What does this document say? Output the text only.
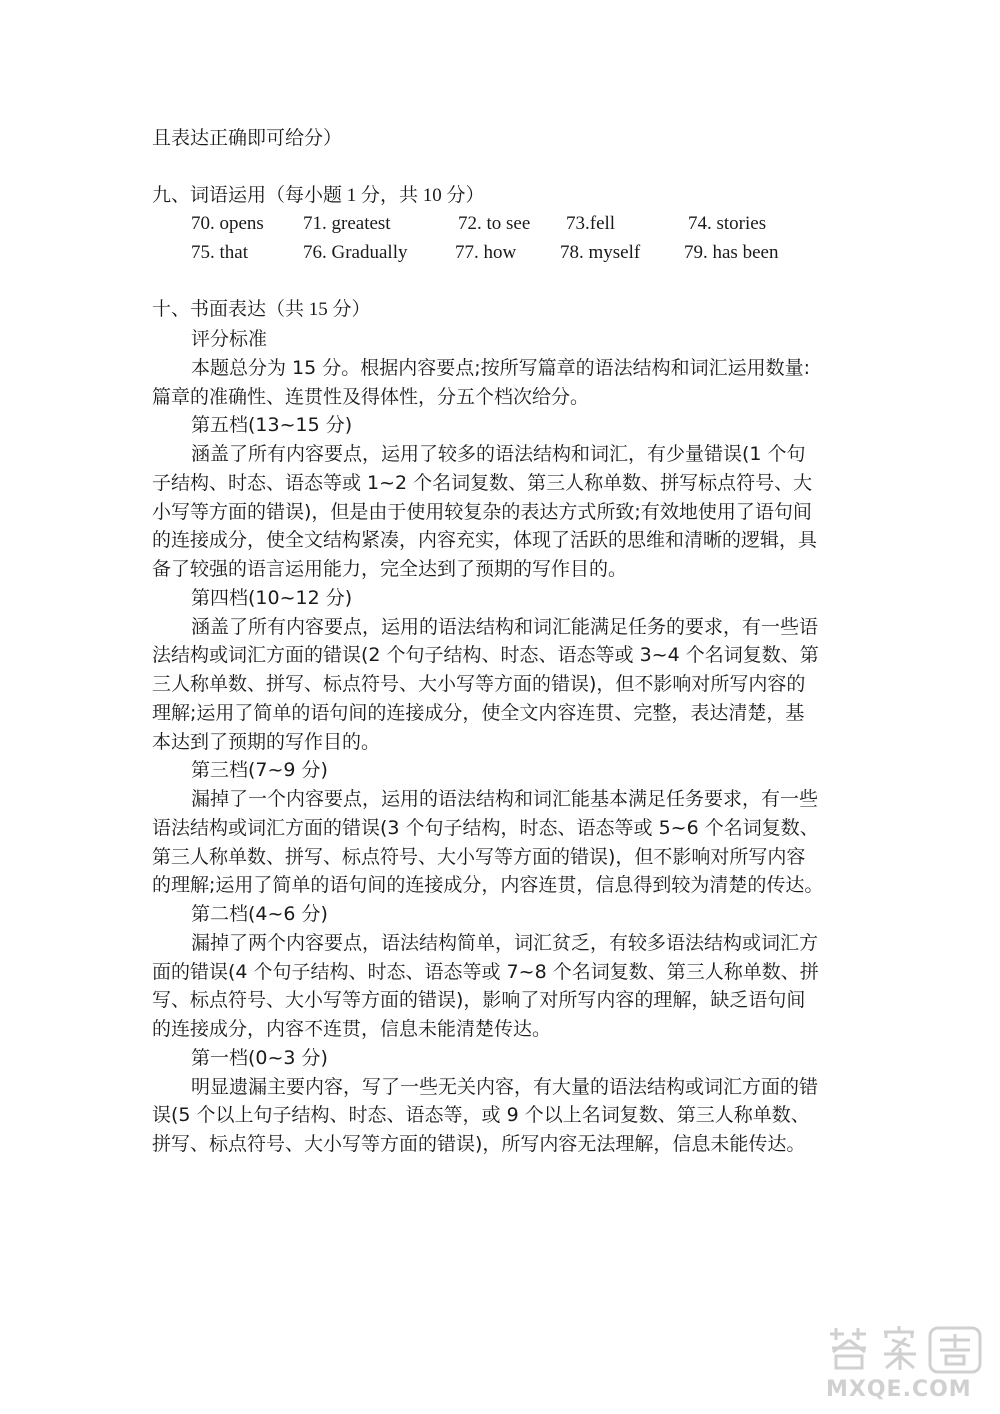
且表达正确即可给分）
九、词语运用（每小题 1 分，共 10 分）
70. opens 71. greatest	72. to see 73.fell	74. stories
75. that	76. Gradually	77. how 78. myself 79. has been
十、书面表达（共 15 分）
评分标准
本题总分为 15 分。根据内容要点;按所写篇章的语法结构和词汇运用数量:
篇章的准确性、连贯性及得体性，分五个档次给分。
第五档(13~15 分)
涵盖了所有内容要点，运用了较多的语法结构和词汇，有少量错误(1 个句
子结构、时态、语态等或 1~2 个名词复数、第三人称单数、拼写标点符号、大
小写等方面的错误)，但是由于使用较复杂的表达方式所致;有效地使用了语句间
的连接成分，使全文结构紧凑，内容充实，体现了活跃的思维和清晰的逻辑，具
备了较强的语言运用能力，完全达到了预期的写作目的。
第四档(10~12 分)
涵盖了所有内容要点，运用的语法结构和词汇能满足任务的要求，有一些语
法结构或词汇方面的错误(2 个句子结构、时态、语态等或 3~4 个名词复数、第
三人称单数、拼写、标点符号、大小写等方面的错误)，但不影响对所写内容的
理解;运用了简单的语句间的连接成分，使全文内容连贯、完整，表达清楚，基
本达到了预期的写作目的。
第三档(7~9 分)
漏掉了一个内容要点，运用的语法结构和词汇能基本满足任务要求，有一些
语法结构或词汇方面的错误(3 个句子结构，时态、语态等或 5~6 个名词复数、
第三人称单数、拼写、标点符号、大小写等方面的错误)，但不影响对所写内容
的理解;运用了简单的语句间的连接成分，内容连贯，信息得到较为清楚的传达。
第二档(4~6 分)
漏掉了两个内容要点，语法结构简单，词汇贫乏，有较多语法结构或词汇方
面的错误(4 个句子结构、时态、语态等或 7~8 个名词复数、第三人称单数、拼
写、标点符号、大小写等方面的错误)，影响了对所写内容的理解，缺乏语句间
的连接成分，内容不连贯，信息未能清楚传达。
第一档(0~3 分)
明显遗漏主要内容，写了一些无关内容，有大量的语法结构或词汇方面的错
误(5 个以上句子结构、时态、语态等，或 9 个以上名词复数、第三人称单数、
拼写、标点符号、大小写等方面的错误)，所写内容无法理解，信息未能传达。
MXQE.COM
